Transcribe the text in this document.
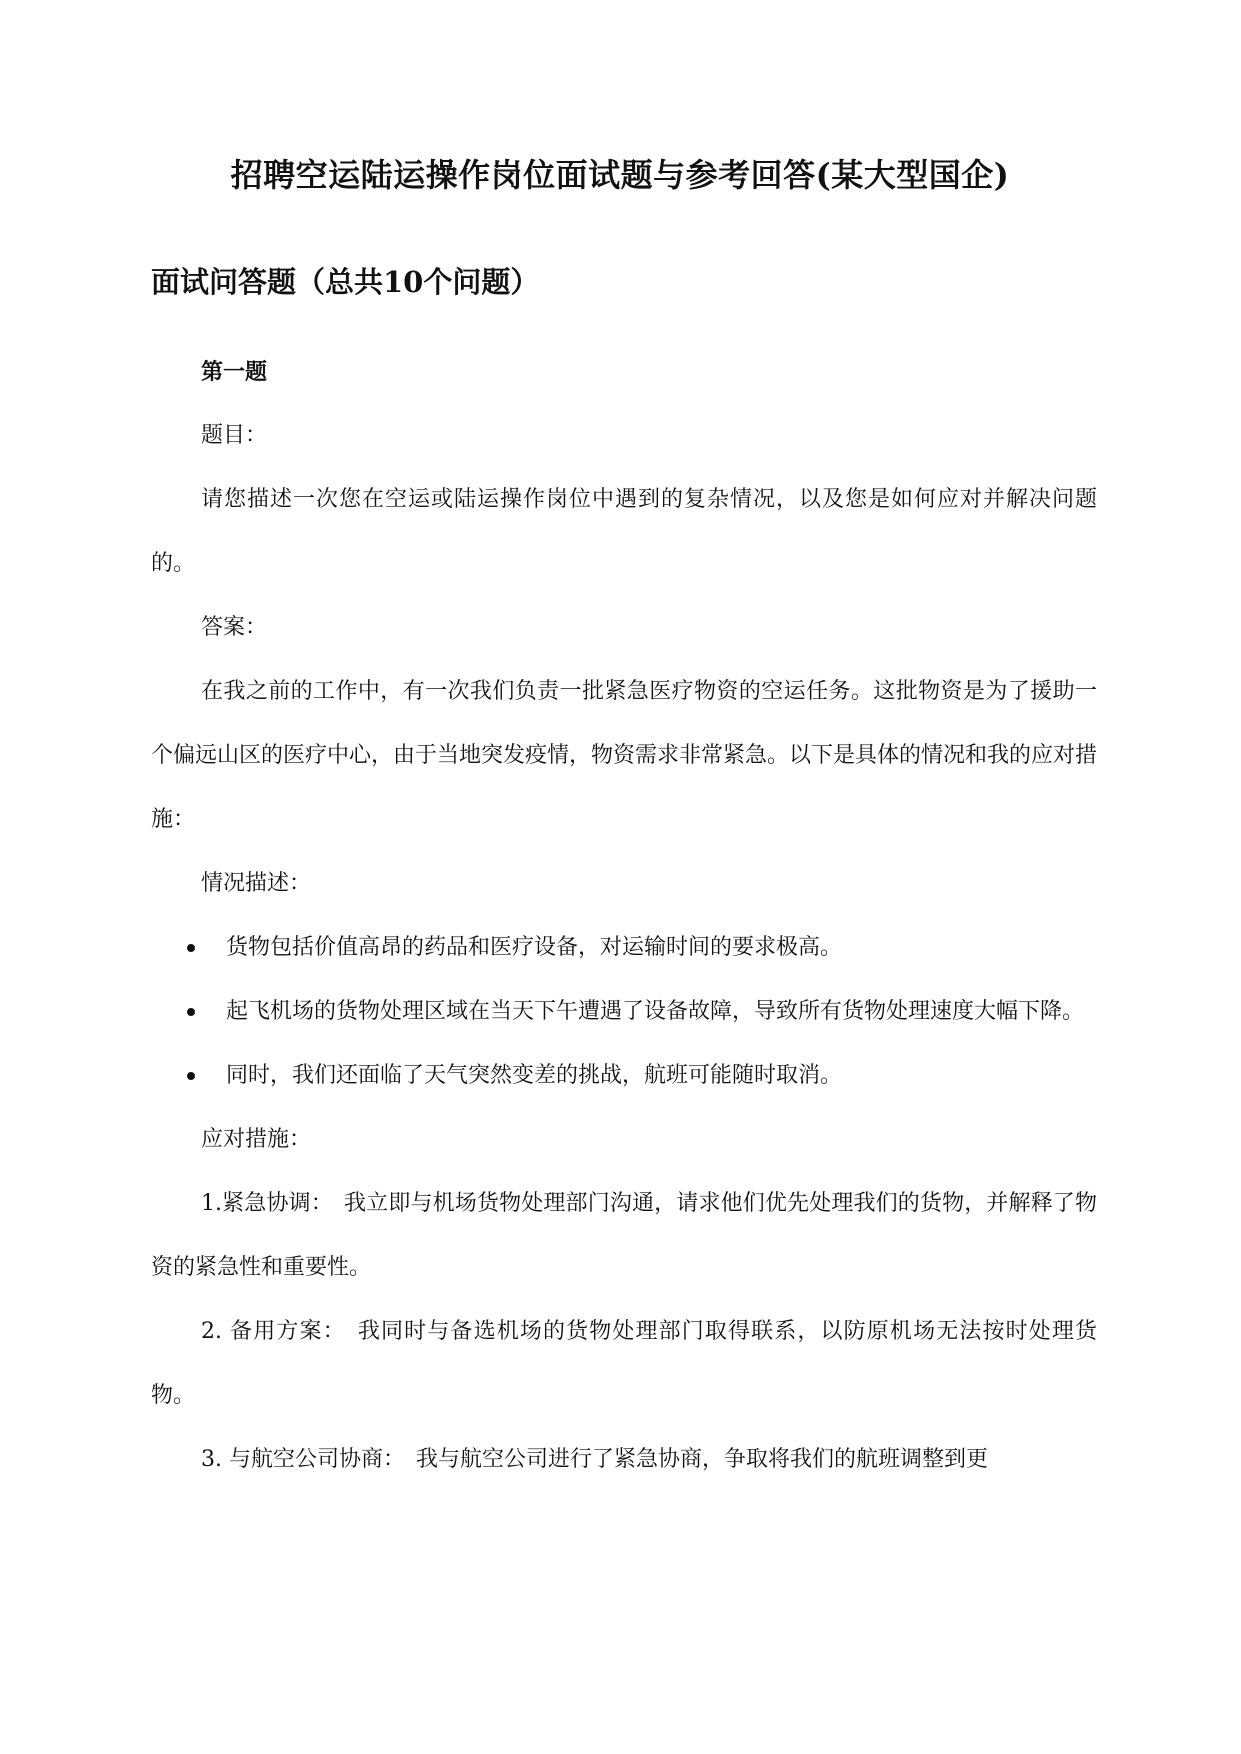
招聘空运陆运操作岗位面试题与参考回答(某大型国企)
面试问答题（总共10个问题）

第一题

题目：

请您描述一次您在空运或陆运操作岗位中遇到的复杂情况，以及您是如何应对并解决问题的。

答案：

在我之前的工作中，有一次我们负责一批紧急医疗物资的空运任务。这批物资是为了援助一个偏远山区的医疗中心，由于当地突发疫情，物资需求非常紧急。以下是具体的情况和我的应对措施：

情况描述：

货物包括价值高昂的药品和医疗设备，对运输时间的要求极高。
起飞机场的货物处理区域在当天下午遭遇了设备故障，导致所有货物处理速度大幅下降。
同时，我们还面临了天气突然变差的挑战，航班可能随时取消。

应对措施：

1.紧急协调：　我立即与机场货物处理部门沟通，请求他们优先处理我们的货物，并解释了物资的紧急性和重要性。

2. 备用方案：　我同时与备选机场的货物处理部门取得联系，以防原机场无法按时处理货物。

3. 与航空公司协商：　我与航空公司进行了紧急协商，争取将我们的航班调整到更
